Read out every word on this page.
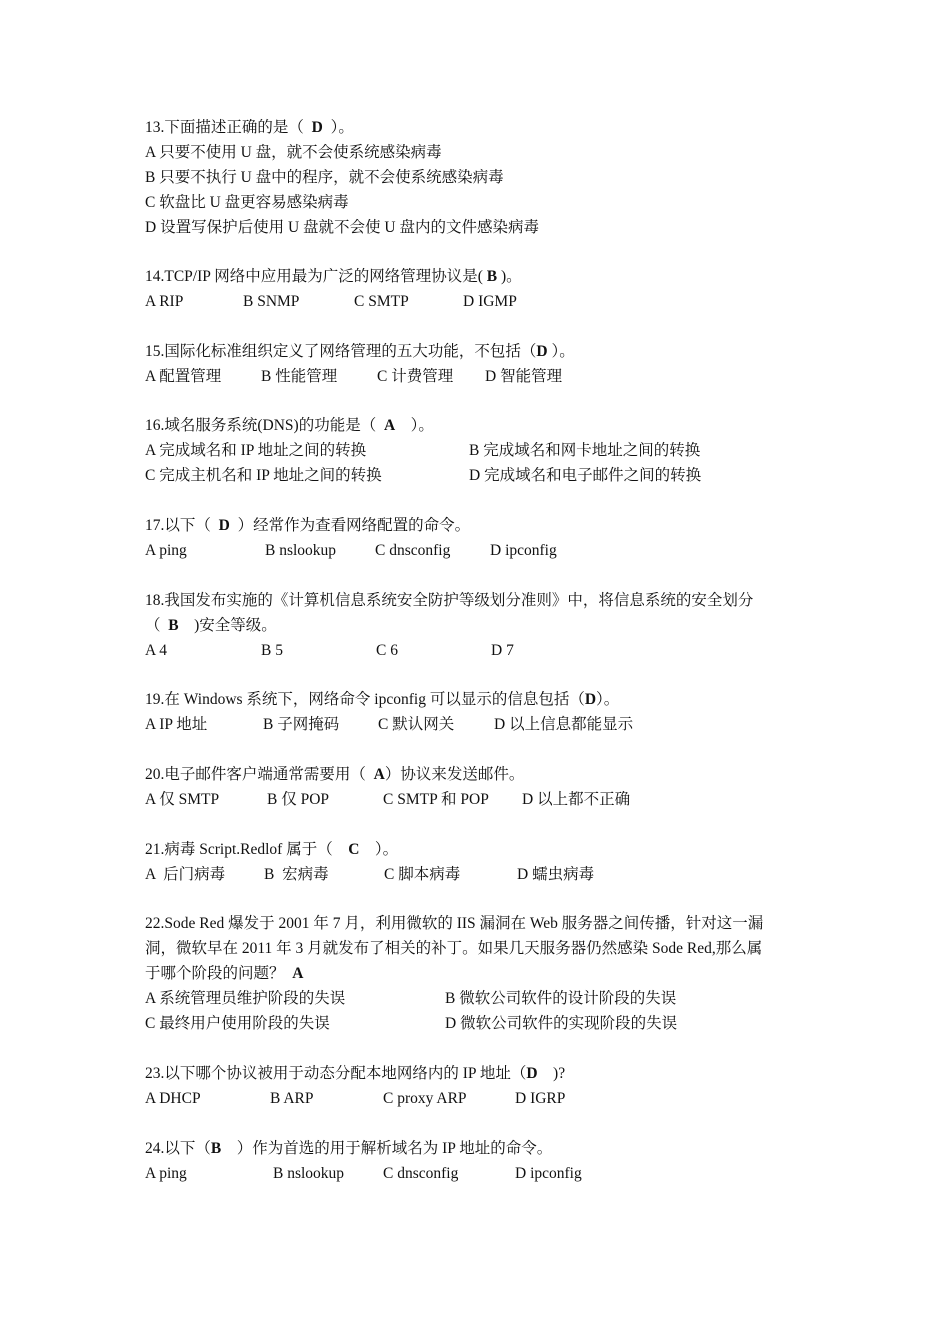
13.下面描述正确的是（  D  ）。
A 只要不使用 U 盘，就不会使系统感染病毒
B 只要不执行 U 盘中的程序，就不会使系统感染病毒
C 软盘比 U 盘更容易感染病毒
D 设置写保护后使用 U 盘就不会使 U 盘内的文件感染病毒
14.TCP/IP 网络中应用最为广泛的网络管理协议是( B )。
A RIP	B SNMP	C SMTP	D IGMP
15.国际化标准组织定义了网络管理的五大功能，不包括（D ）。
A 配置管理	B 性能管理	C 计费管理 D 智能管理
16.域名服务系统(DNS)的功能是（  A    ）。
A 完成域名和 IP 地址之间的转换	B 完成域名和网卡地址之间的转换
C 完成主机名和 IP 地址之间的转换	D 完成域名和电子邮件之间的转换
17.以下（  D  ）经常作为查看网络配置的命令。
A ping	B nslookup	C dnsconfig	D ipconfig
18.我国发布实施的《计算机信息系统安全防护等级划分准则》中，将信息系统的安全划分
（  B    )安全等级。
A 4	B 5	C 6	D 7
19.在 Windows 系统下，网络命令 ipconfig 可以显示的信息包括（D）。
A IP 地址	B 子网掩码	C 默认网关	D 以上信息都能显示
20.电子邮件客户端通常需要用（  A）协议来发送邮件。
A 仅 SMTP	B 仅 POP	C SMTP 和 POP D 以上都不正确
21.病毒 Script.Redlof 属于（    C    ）。
A  后门病毒	B  宏病毒	C 脚本病毒	D 蠕虫病毒
22.Sode Red 爆发于 2001 年 7 月，利用微软的 IIS 漏洞在 Web 服务器之间传播，针对这一漏
洞，微软早在 2011 年 3 月就发布了相关的补丁。如果几天服务器仍然感染 Sode Red,那么属
于哪个阶段的问题？  A
A 系统管理员维护阶段的失误	B 微软公司软件的设计阶段的失误
C 最终用户使用阶段的失误	D 微软公司软件的实现阶段的失误
23.以下哪个协议被用于动态分配本地网络内的 IP 地址（D    )?
A DHCP	B ARP	C proxy ARP	D IGRP
24.以下（B    ）作为首选的用于解析域名为 IP 地址的命令。
A ping	B nslookup	C dnsconfig	D ipconfig
